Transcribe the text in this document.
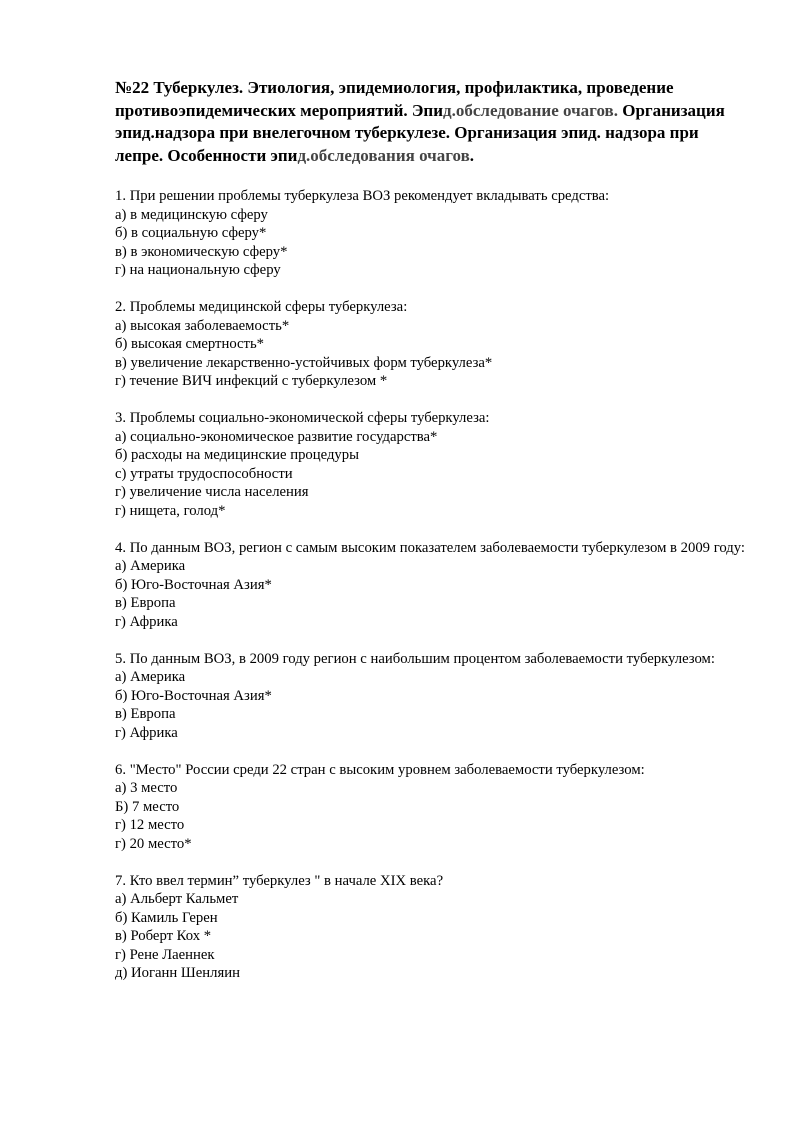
№22 Туберкулез. Этиология, эпидемиология, профилактика, проведение противоэпидемических мероприятий. Эпид.обследование очагов. Организация эпид.надзора при внелегочном туберкулезе. Организация эпид. надзора при лепре. Особенности эпид.обследования очагов.
1. При решении проблемы туберкулеза ВОЗ рекомендует вкладывать средства:
а) в медицинскую сферу
б) в социальную сферу*
в) в экономическую сферу*
г) на национальную сферу
2. Проблемы медицинской сферы туберкулеза:
а) высокая заболеваемость*
б) высокая смертность*
в) увеличение лекарственно-устойчивых форм туберкулеза*
г) течение ВИЧ инфекций с туберкулезом *
3. Проблемы социально-экономической сферы туберкулеза:
а) социально-экономическое развитие государства*
б) расходы на медицинские процедуры
с) утраты трудоспособности
г) увеличение числа населения
г) нищета, голод*
4. По данным ВОЗ, регион с самым высоким показателем заболеваемости туберкулезом в 2009 году:
а) Америка
б) Юго-Восточная Азия*
в) Европа
г) Африка
5. По данным ВОЗ, в 2009 году регион с наибольшим процентом заболеваемости туберкулезом:
а) Америка
б) Юго-Восточная Азия*
в) Европа
г) Африка
6. "Место" России среди 22 стран с высоким уровнем заболеваемости туберкулезом:
а) 3 место
Б) 7 место
г) 12 место
г) 20 место*
7. Кто ввел термин” туберкулез " в начале XIX века?
а) Альберт Кальмет
б) Камиль Герен
в) Роберт Кох *
г) Рене Лаеннек
д) Иоганн Шенляин
